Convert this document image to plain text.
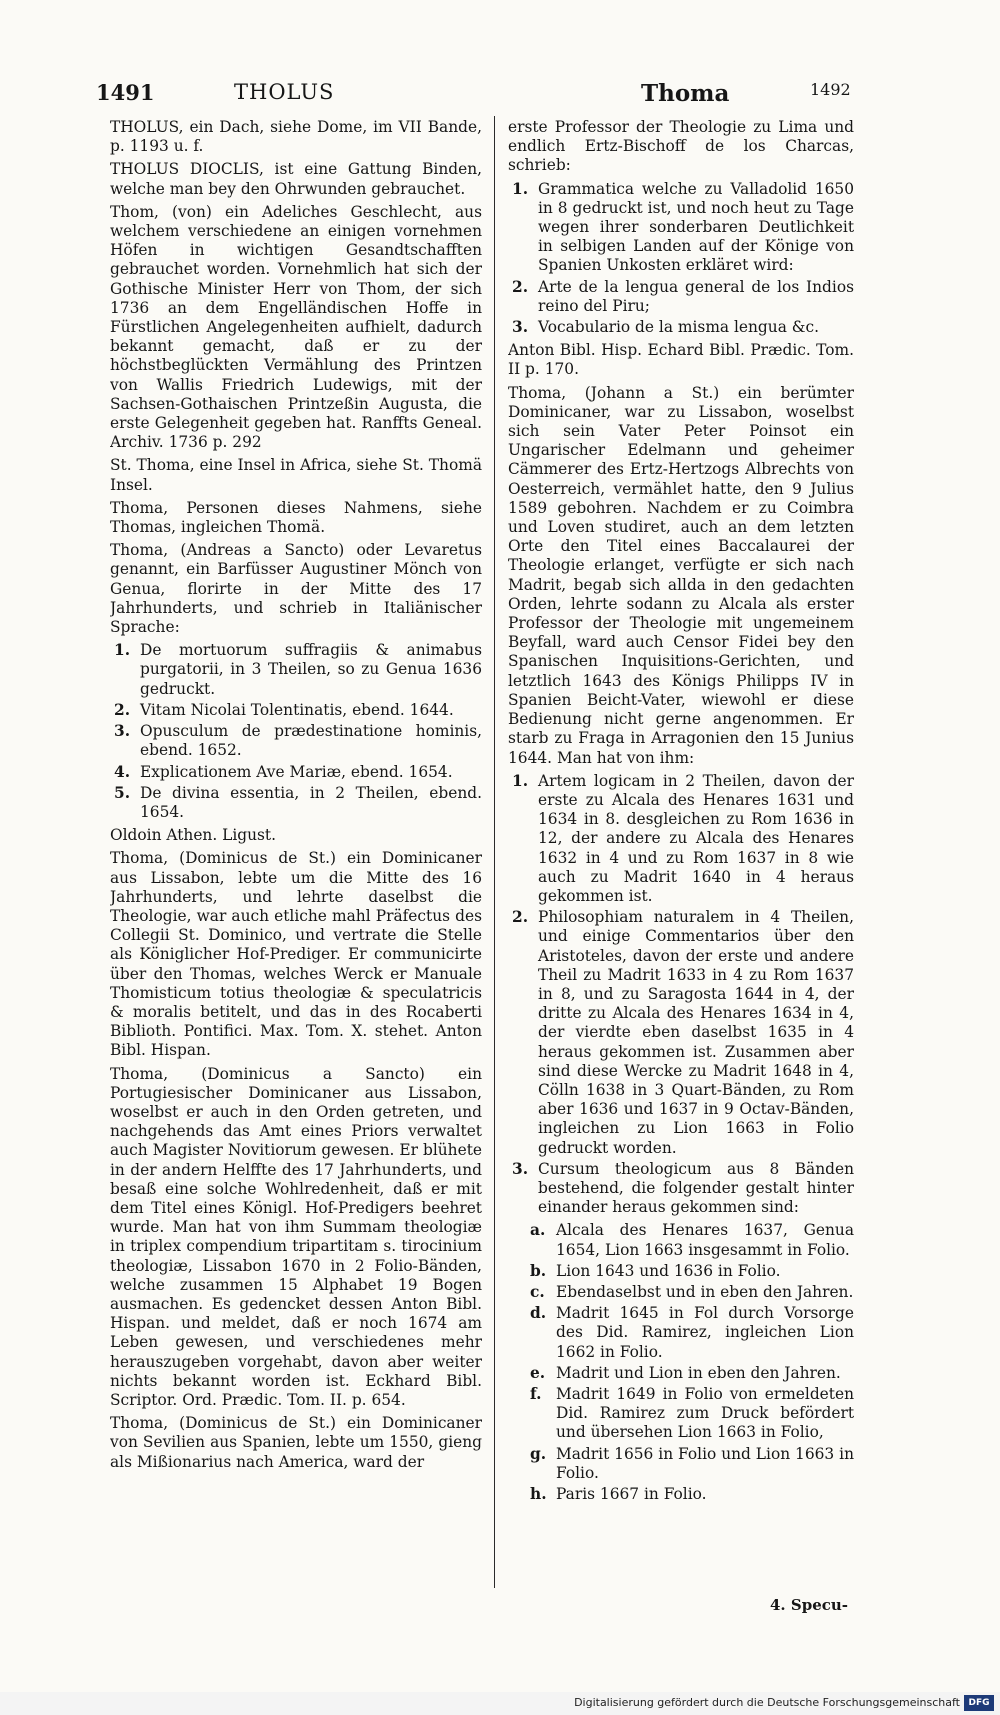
1491	THOLUS	Thoma	1492

THOLUS, ein Dach, siehe Dome, im VII Bande, p. 1193 u. f.

THOLUS DIOCLIS, ist eine Gattung Binden, welche man bey den Ohrwunden gebrauchet.

Thom, (von) ein Adeliches Geschlecht, aus welchem verschiedene an einigen vornehmen Höfen in wichtigen Gesandtschafften gebrauchet worden. Vornehmlich hat sich der Gothische Minister Herr von Thom, der sich 1736 an dem Engelländischen Hoffe in Fürstlichen Angelegenheiten aufhielt, dadurch bekannt gemacht, daß er zu der höchstbeglückten Vermählung des Printzen von Wallis Friedrich Ludewigs, mit der Sachsen-Gothaischen Printzeßin Augusta, die erste Gelegenheit gegeben hat. Ranffts Geneal. Archiv. 1736 p. 292

St. Thoma, eine Insel in Africa, siehe St. Thomä Insel.

Thoma, Personen dieses Nahmens, siehe Thomas, ingleichen Thomä.

Thoma, (Andreas a Sancto) oder Levaretus genannt, ein Barfüsser Augustiner Mönch von Genua, florirte in der Mitte des 17 Jahrhunderts, und schrieb in Italiänischer Sprache:

1. De mortuorum suffragiis & animabus purgatorii, in 3 Theilen, so zu Genua 1636 gedruckt.
2. Vitam Nicolai Tolentinatis, ebend. 1644.
3. Opusculum de prædestinatione hominis, ebend. 1652.
4. Explicationem Ave Mariæ, ebend. 1654.
5. De divina essentia, in 2 Theilen, ebend. 1654.

Oldoin Athen. Ligust.

Thoma, (Dominicus de St.) ein Dominicaner aus Lissabon, lebte um die Mitte des 16 Jahrhunderts, und lehrte daselbst die Theologie, war auch etliche mahl Präfectus des Collegii St. Dominico, und vertrate die Stelle als Königlicher Hof-Prediger. Er communicirte über den Thomas, welches Werck er Manuale Thomisticum totius theologiæ & speculatricis & moralis betitelt, und das in des Rocaberti Biblioth. Pontifici. Max. Tom. X. stehet. Anton Bibl. Hispan.

Thoma, (Dominicus a Sancto) ein Portugiesischer Dominicaner aus Lissabon, woselbst er auch in den Orden getreten, und nachgehends das Amt eines Priors verwaltet auch Magister Novitiorum gewesen. Er blühete in der andern Helffte des 17 Jahrhunderts, und besaß eine solche Wohlredenheit, daß er mit dem Titel eines Königl. Hof-Predigers beehret wurde. Man hat von ihm Summam theologiæ in triplex compendium tripartitam s. tirocinium theologiæ, Lissabon 1670 in 2 Folio-Bänden, welche zusammen 15 Alphabet 19 Bogen ausmachen. Es gedencket dessen Anton Bibl. Hispan. und meldet, daß er noch 1674 am Leben gewesen, und verschiedenes mehr herauszugeben vorgehabt, davon aber weiter nichts bekannt worden ist. Eckhard Bibl. Scriptor. Ord. Prædic. Tom. II. p. 654.

Thoma, (Dominicus de St.) ein Dominicaner von Sevilien aus Spanien, lebte um 1550, gieng als Mißionarius nach America, ward der

erste Professor der Theologie zu Lima und endlich Ertz-Bischoff de los Charcas, schrieb:

1. Grammatica welche zu Valladolid 1650 in 8 gedruckt ist, und noch heut zu Tage wegen ihrer sonderbaren Deutlichkeit in selbigen Landen auf der Könige von Spanien Unkosten erkläret wird:
2. Arte de la lengua general de los Indios reino del Piru;
3. Vocabulario de la misma lengua &c.

Anton Bibl. Hisp. Echard Bibl. Prædic. Tom. II p. 170.

Thoma, (Johann a St.) ein berümter Dominicaner, war zu Lissabon, woselbst sich sein Vater Peter Poinsot ein Ungarischer Edelmann und geheimer Cämmerer des Ertz-Hertzogs Albrechts von Oesterreich, vermählet hatte, den 9 Julius 1589 gebohren. Nachdem er zu Coimbra und Loven studiret, auch an dem letzten Orte den Titel eines Baccalaurei der Theologie erlanget, verfügte er sich nach Madrit, begab sich allda in den gedachten Orden, lehrte sodann zu Alcala als erster Professor der Theologie mit ungemeinem Beyfall, ward auch Censor Fidei bey den Spanischen Inquisitions-Gerichten, und letztlich 1643 des Königs Philipps IV in Spanien Beicht-Vater, wiewohl er diese Bedienung nicht gerne angenommen. Er starb zu Fraga in Arragonien den 15 Junius 1644. Man hat von ihm:

1. Artem logicam in 2 Theilen, davon der erste zu Alcala des Henares 1631 und 1634 in 8. desgleichen zu Rom 1636 in 12, der andere zu Alcala des Henares 1632 in 4 und zu Rom 1637 in 8 wie auch zu Madrit 1640 in 4 heraus gekommen ist.
2. Philosophiam naturalem in 4 Theilen, und einige Commentarios über den Aristoteles, davon der erste und andere Theil zu Madrit 1633 in 4 zu Rom 1637 in 8, und zu Saragosta 1644 in 4, der dritte zu Alcala des Henares 1634 in 4, der vierdte eben daselbst 1635 in 4 heraus gekommen ist. Zusammen aber sind diese Wercke zu Madrit 1648 in 4, Cölln 1638 in 3 Quart-Bänden, zu Rom aber 1636 und 1637 in 9 Octav-Bänden, ingleichen zu Lion 1663 in Folio gedruckt worden.
3. Cursum theologicum aus 8 Bänden bestehend, die folgender gestalt hinter einander heraus gekommen sind:
a. Alcala des Henares 1637, Genua 1654, Lion 1663 insgesammt in Folio.
b. Lion 1643 und 1636 in Folio.
c. Ebendaselbst und in eben den Jahren.
d. Madrit 1645 in Fol durch Vorsorge des Did. Ramirez, ingleichen Lion 1662 in Folio.
e. Madrit und Lion in eben den Jahren.
f. Madrit 1649 in Folio von ermeldeten Did. Ramirez zum Druck befördert und übersehen Lion 1663 in Folio,
g. Madrit 1656 in Folio und Lion 1663 in Folio.
h. Paris 1667 in Folio.
4. Specu-
Digitalisierung gefördert durch die Deutsche Forschungsgemeinschaft DFG
